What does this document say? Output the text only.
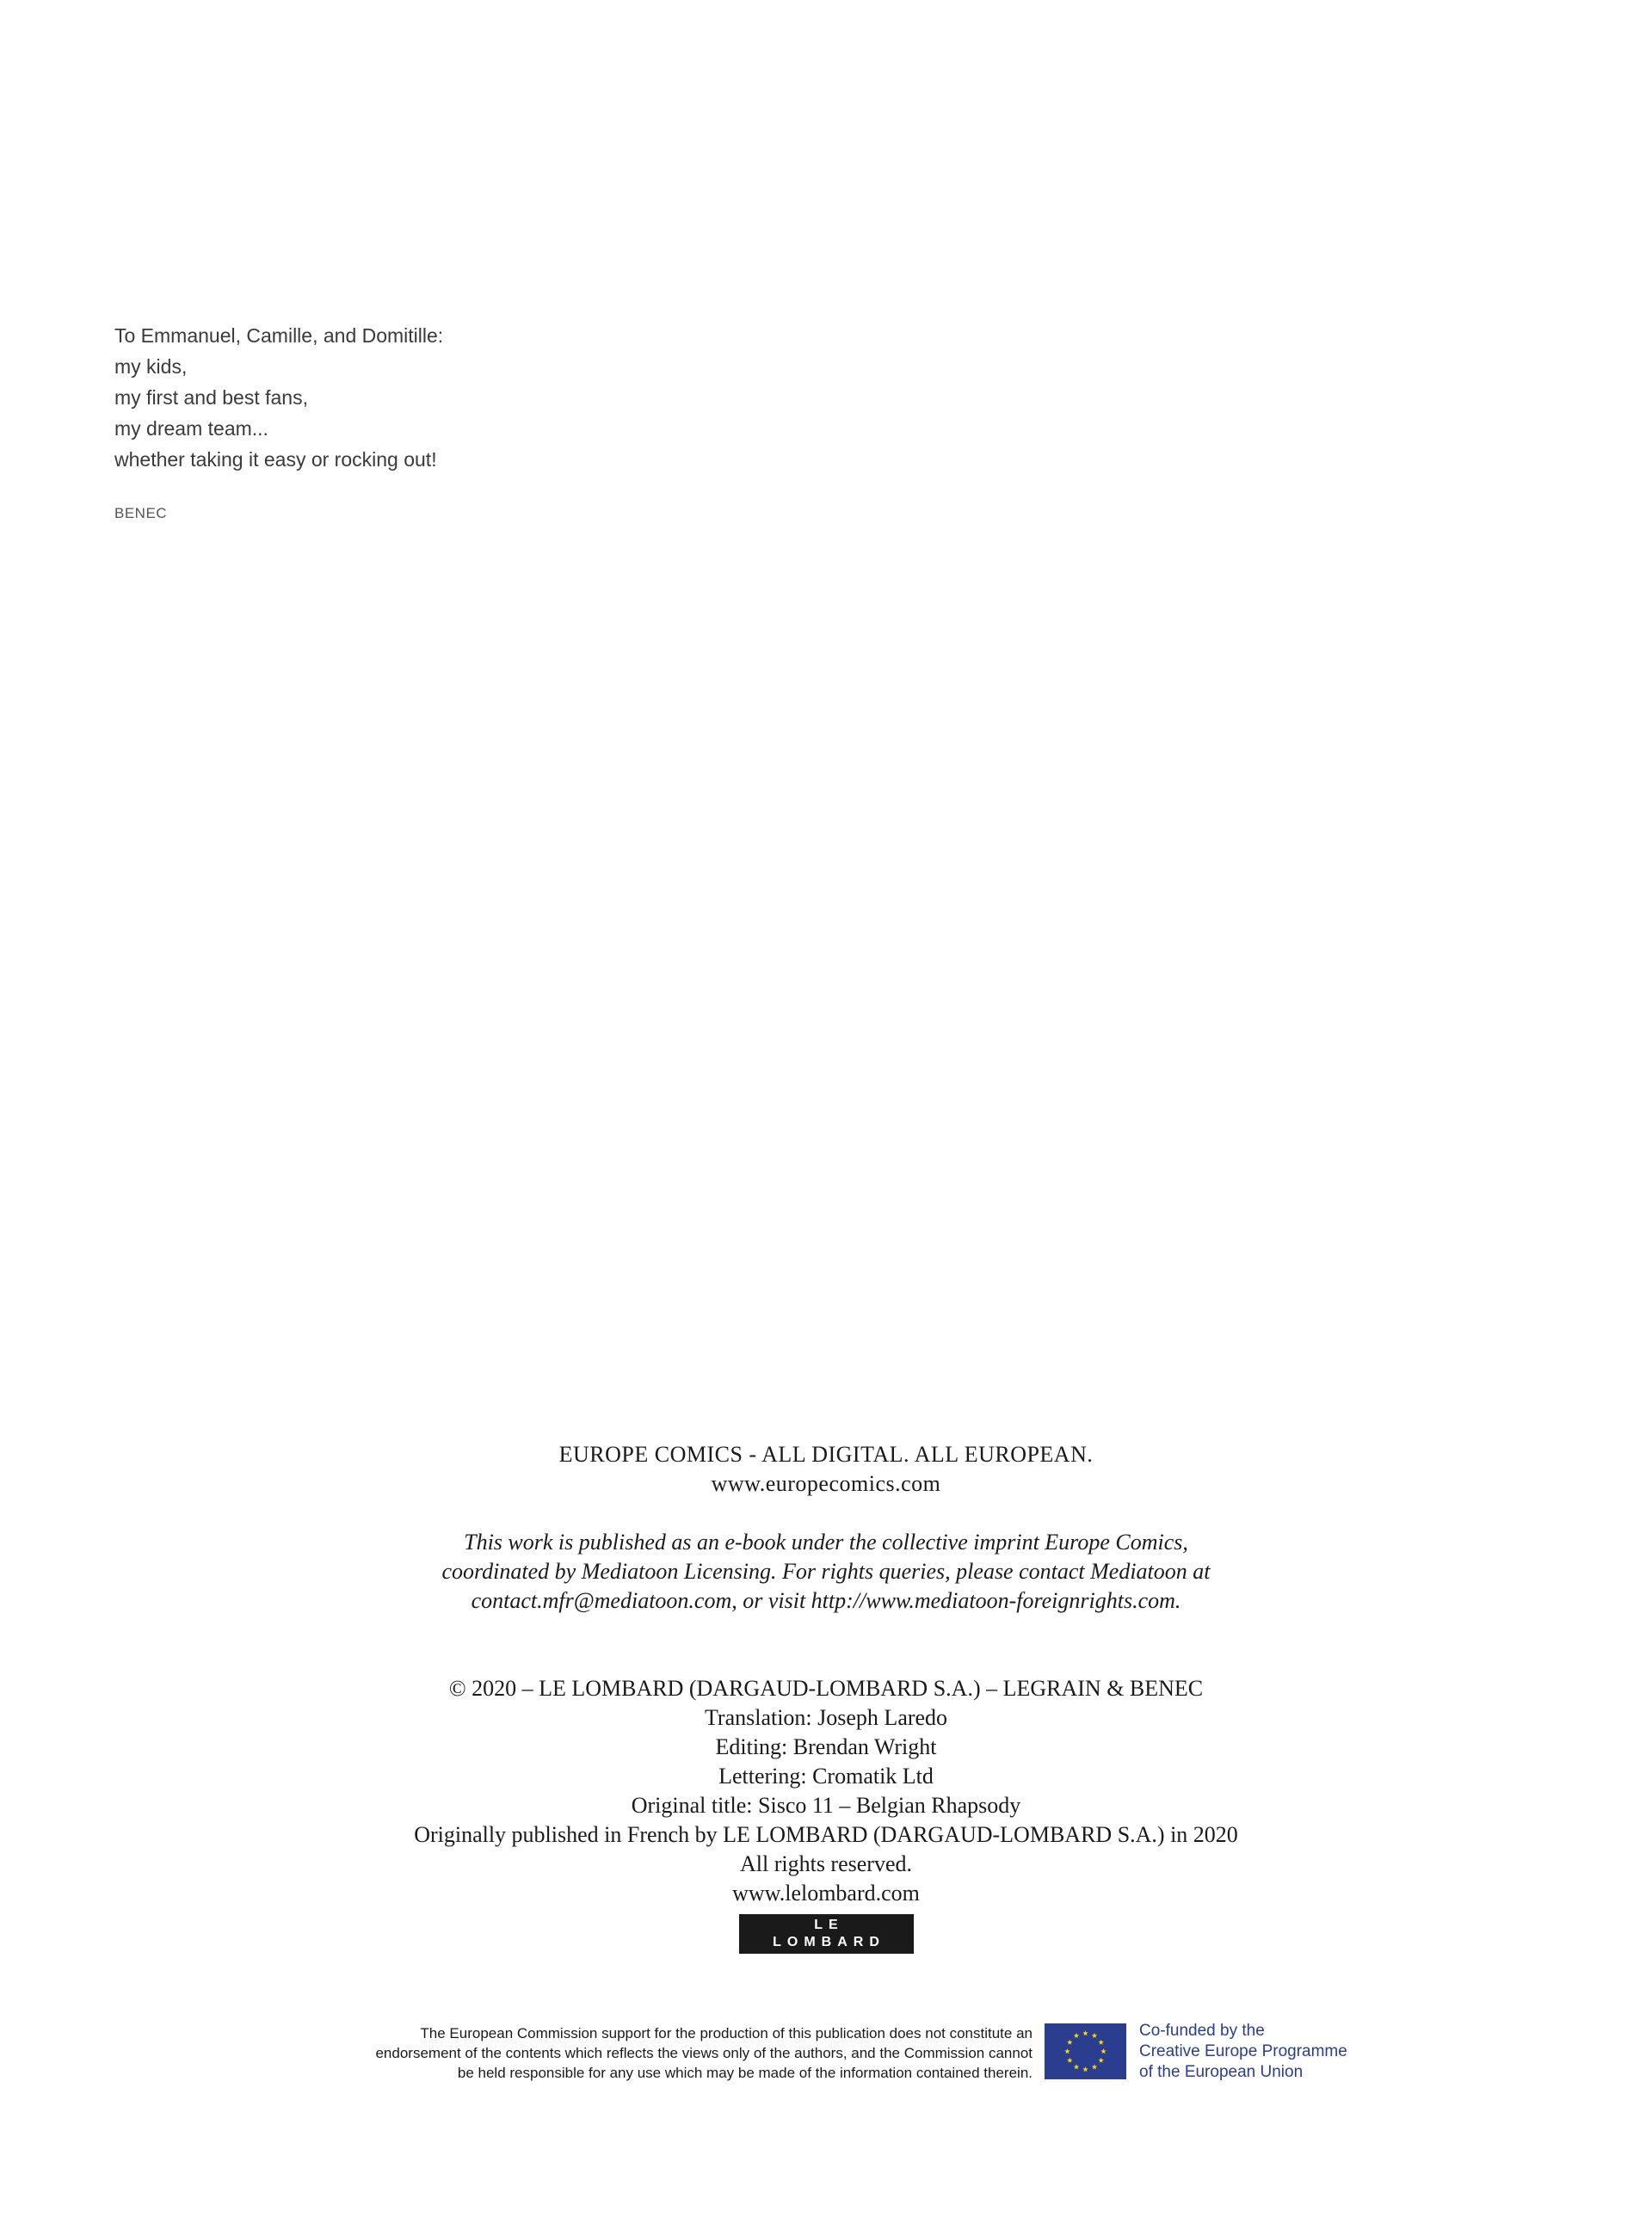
To Emmanuel, Camille, and Domitille:
my kids,
my first and best fans,
my dream team...
whether taking it easy or rocking out!
BENEC
EUROPE COMICS - ALL DIGITAL. ALL EUROPEAN.
www.europecomics.com
This work is published as an e-book under the collective imprint Europe Comics,
coordinated by Mediatoon Licensing. For rights queries, please contact Mediatoon at
contact.mfr@mediatoon.com, or visit http://www.mediatoon-foreignrights.com.
© 2020 – LE LOMBARD (DARGAUD-LOMBARD S.A.) – LEGRAIN & BENEC
Translation: Joseph Laredo
Editing: Brendan Wright
Lettering: Cromatik Ltd
Original title: Sisco 11 – Belgian Rhapsody
Originally published in French by LE LOMBARD (DARGAUD-LOMBARD S.A.) in 2020
All rights reserved.
www.lelombard.com
LE LOMBARD
The European Commission support for the production of this publication does not constitute an
endorsement of the contents which reflects the views only of the authors, and the Commission cannot
be held responsible for any use which may be made of the information contained therein.
Co-funded by the
Creative Europe Programme
of the European Union
